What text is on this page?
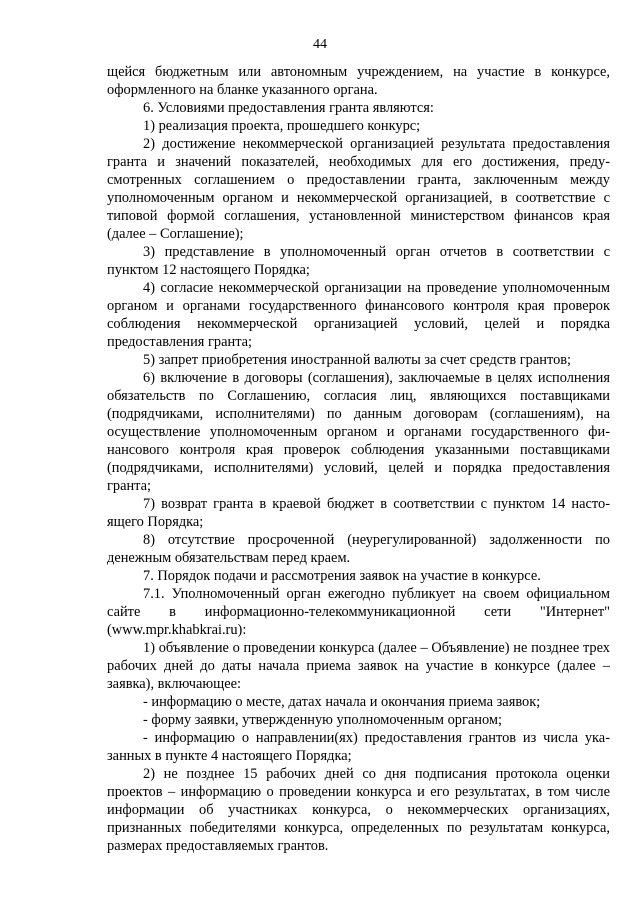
44

щейся бюджетным или автономным учреждением, на участие в конкурсе, оформленного на бланке указанного органа.

6. Условиями предоставления гранта являются:

1) реализация проекта, прошедшего конкурс;

2) достижение некоммерческой организацией результата предоставления гранта и значений показателей, необходимых для его достижения, предусмотренных соглашением о предоставлении гранта, заключенным между уполномоченным органом и некоммерческой организацией, в соответствие с типовой формой соглашения, установленной министерством финансов края (далее – Соглашение);

3) представление в уполномоченный орган отчетов в соответствии с пунктом 12 настоящего Порядка;

4) согласие некоммерческой организации на проведение уполномоченным органом и органами государственного финансового контроля края проверок соблюдения некоммерческой организацией условий, целей и порядка предоставления гранта;

5) запрет приобретения иностранной валюты за счет средств грантов;

6) включение в договоры (соглашения), заключаемые в целях исполнения обязательств по Соглашению, согласия лиц, являющихся поставщиками (подрядчиками, исполнителями) по данным договорам (соглашениям), на осуществление уполномоченным органом и органами государственного финансового контроля края проверок соблюдения указанными поставщиками (подрядчиками, исполнителями) условий, целей и порядка предоставления гранта;

7) возврат гранта в краевой бюджет в соответствии с пунктом 14 настоящего Порядка;

8) отсутствие просроченной (неурегулированной) задолженности по денежным обязательствам перед краем.

7. Порядок подачи и рассмотрения заявок на участие в конкурсе.

7.1. Уполномоченный орган ежегодно публикует на своем официальном сайте в информационно-телекоммуникационной сети "Интернет" (www.mpr.khabkrai.ru):

1) объявление о проведении конкурса (далее – Объявление) не позднее трех рабочих дней до даты начала приема заявок на участие в конкурсе (далее – заявка), включающее:

- информацию о месте, датах начала и окончания приема заявок;

- форму заявки, утвержденную уполномоченным органом;

- информацию о направлении(ях) предоставления грантов из числа указанных в пункте 4 настоящего Порядка;

2) не позднее 15 рабочих дней со дня подписания протокола оценки проектов – информацию о проведении конкурса и его результатах, в том числе информации об участниках конкурса, о некоммерческих организациях, признанных победителями конкурса, определенных по результатам конкурса, размерах предоставляемых грантов.
